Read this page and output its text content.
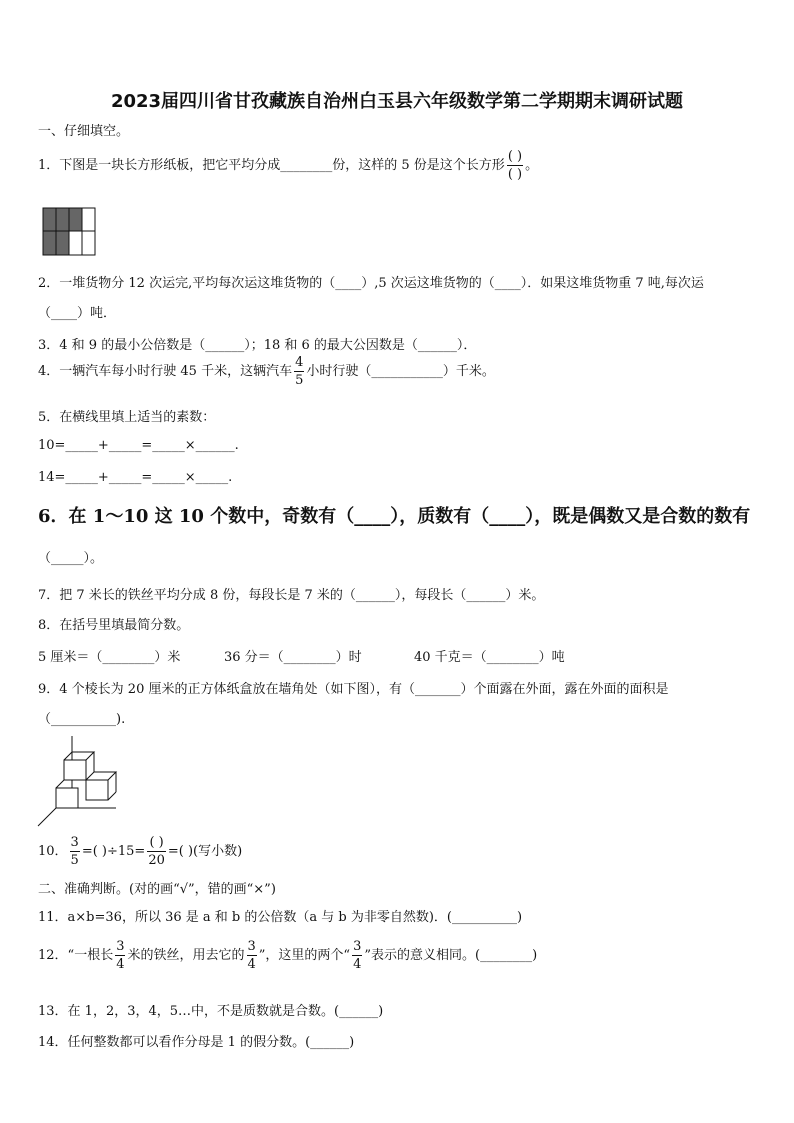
2023届四川省甘孜藏族自治州白玉县六年级数学第二学期期末调研试题
一、仔细填空。
1．下图是一块长方形纸板，把它平均分成________份，这样的 5 份是这个长方形 $\frac{( )}{( )}$ 。
2．一堆货物分 12 次运完,平均每次运这堆货物的（____）,5 次运这堆货物的（____）．如果这堆货物重 7 吨,每次运
（____）吨．
3．4 和 9 的最小公倍数是（______）；18 和 6 的最大公因数是（______）．
4．一辆汽车每小时行驶 45 千米，这辆汽车 $\frac{4}{5}$ 小时行驶（___________）千米。
5．在横线里填上适当的素数：
10=_____+_____=_____×______.
14=_____+_____=_____×_____.
6．在 1～10 这 10 个数中，奇数有（____），质数有（____），既是偶数又是合数的数有
（_____）。
7．把 7 米长的铁丝平均分成 8 份，每段长是 7 米的（______），每段长（______）米。
8．在括号里填最简分数。
5 厘米＝（________）米	36 分＝（________）时	40 千克＝（________）吨
9．4 个棱长为 20 厘米的正方体纸盒放在墙角处（如下图），有（_______）个面露在外面，露在外面的面积是
（__________).
10． $\frac{3}{5}$ =( )$\div 15= \frac{( )}{20}$ =( )(写小数)
二、准确判断。(对的画“√”，错的画“×”)
11．a×b=36，所以 36 是 a 和 b 的公倍数（a 与 b 为非零自然数)．(__________)
12．“一根长 $\frac{3}{4}$ 米的铁丝，用去它的 $\frac{3}{4}$ ”，这里的两个“ $\frac{3}{4}$ ”表示的意义相同。(________)
13．在 1，2，3，4，5…中，不是质数就是合数。(______)
14．任何整数都可以看作分母是 1 的假分数。(______)
